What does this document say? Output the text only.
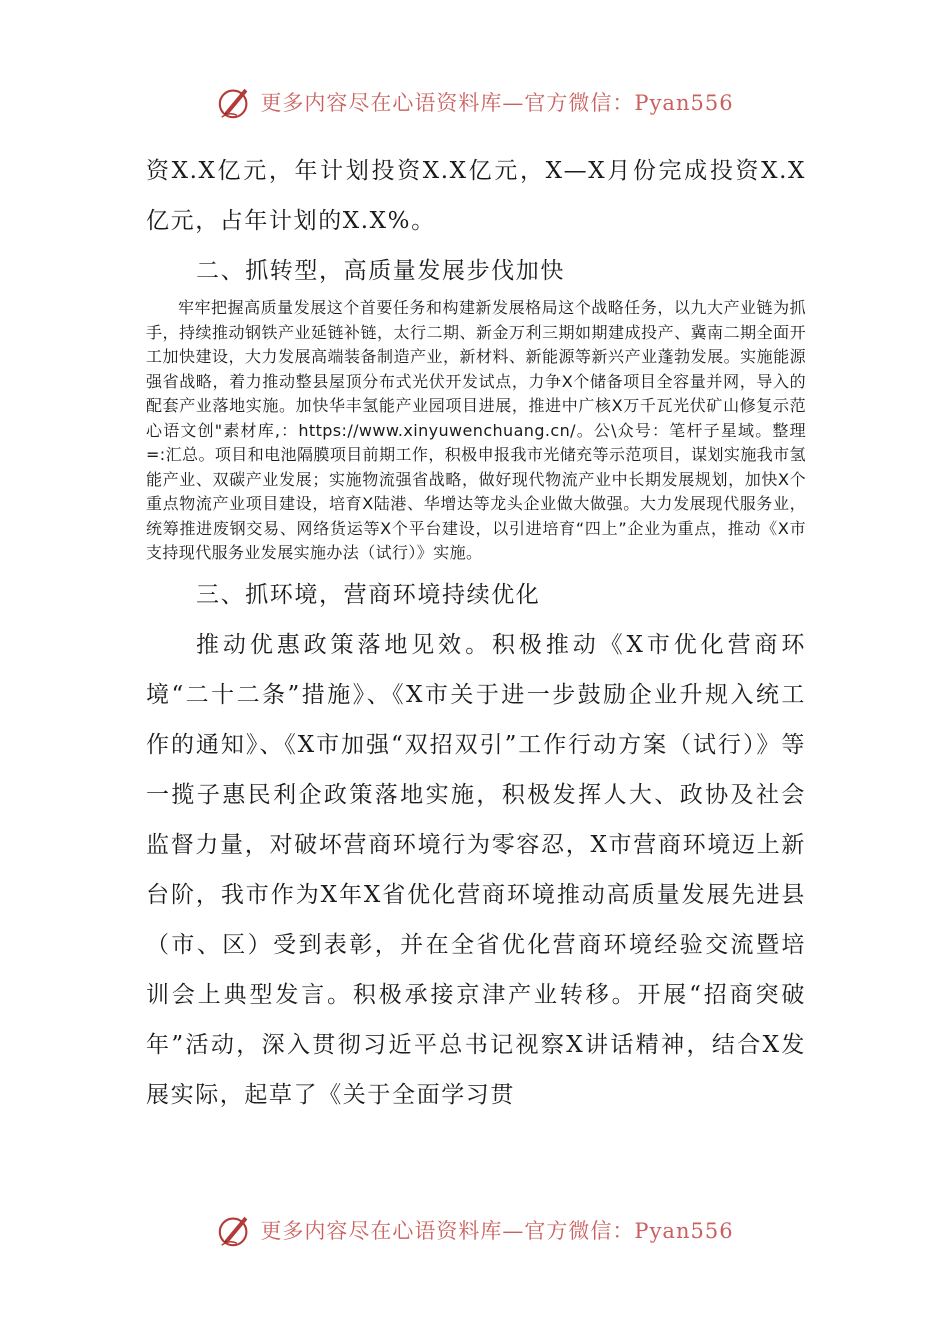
更多内容尽在心语资料库—官方微信：Pyan556

资X.X亿元，年计划投资X.X亿元，X—X月份完成投资X.X亿元，占年计划的X.X%。

二、抓转型，高质量发展步伐加快

牢牢把握高质量发展这个首要任务和构建新发展格局这个战略任务，以九大产业链为抓手，持续推动钢铁产业延链补链，太行二期、新金万利三期如期建成投产、冀南二期全面开工加快建设，大力发展高端装备制造产业，新材料、新能源等新兴产业蓬勃发展。实施能源强省战略，着力推动整县屋顶分布式光伏开发试点，力争X个储备项目全容量并网，导入的配套产业落地实施。加快华丰氢能产业园项目进展，推进中广核X万千瓦光伏矿山修复示范心语文创"素材库,：https://www.xinyuwenchuang.cn/。公\众号：笔杆子星域。整理=:汇总。项目和电池隔膜项目前期工作，积极申报我市光储充等示范项目，谋划实施我市氢能产业、双碳产业发展；实施物流强省战略，做好现代物流产业中长期发展规划，加快X个重点物流产业项目建设，培育X陆港、华增达等龙头企业做大做强。大力发展现代服务业，统筹推进废钢交易、网络货运等X个平台建设，以引进培育“四上”企业为重点，推动《X市支持现代服务业发展实施办法（试行）》实施。

三、抓环境，营商环境持续优化

推动优惠政策落地见效。积极推动《X市优化营商环境“二十二条”措施》、《X市关于进一步鼓励企业升规入统工作的通知》、《X市加强“双招双引”工作行动方案（试行）》等一揽子惠民利企政策落地实施，积极发挥人大、政协及社会监督力量，对破坏营商环境行为零容忍，X市营商环境迈上新台阶，我市作为X年X省优化营商环境推动高质量发展先进县（市、区）受到表彰，并在全省优化营商环境经验交流暨培训会上典型发言。积极承接京津产业转移。开展“招商突破年”活动，深入贯彻习近平总书记视察X讲话精神，结合X发展实际，起草了《关于全面学习贯

更多内容尽在心语资料库—官方微信：Pyan556
